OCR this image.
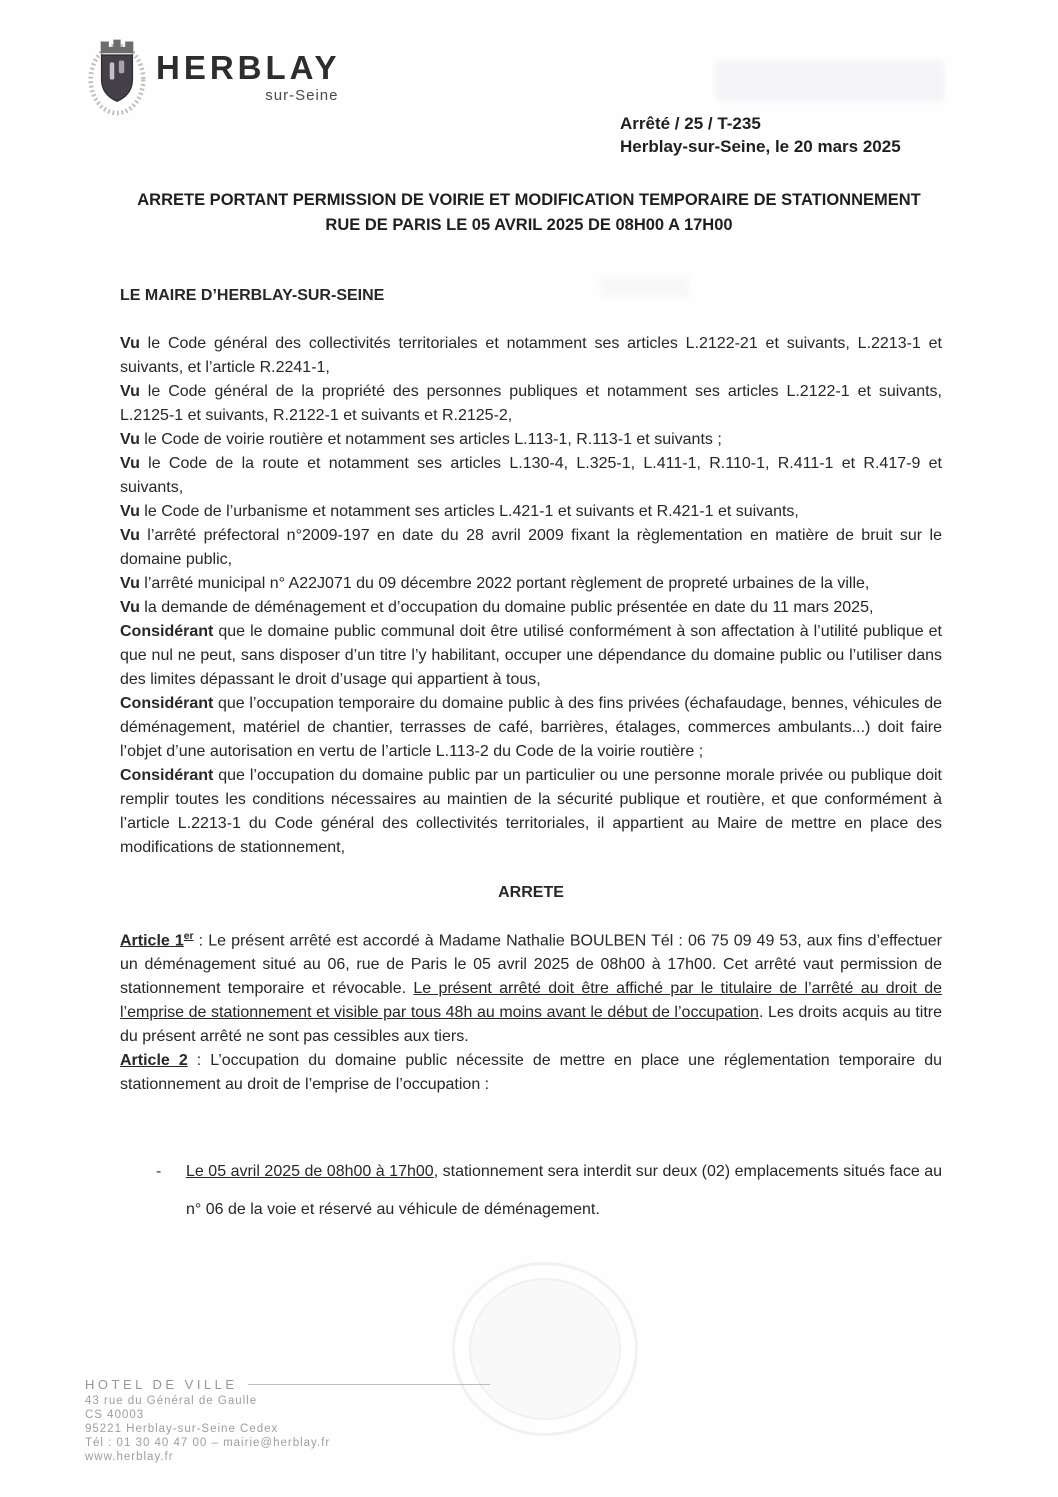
HERBLAY
sur-Seine
Arrêté / 25 / T-235
Herblay-sur-Seine, le 20 mars 2025
ARRETE PORTANT PERMISSION DE VOIRIE ET MODIFICATION TEMPORAIRE DE STATIONNEMENT
RUE DE PARIS LE 05 AVRIL 2025 DE 08H00 A 17H00

LE MAIRE D’HERBLAY-SUR-SEINE

Vu le Code général des collectivités territoriales et notamment ses articles L.2122-21 et suivants, L.2213-1 et suivants, et l’article R.2241-1,

Vu le Code général de la propriété des personnes publiques et notamment ses articles L.2122-1 et suivants, L.2125-1 et suivants, R.2122-1 et suivants et R.2125-2,

Vu le Code de voirie routière et notamment ses articles L.113-1, R.113-1 et suivants ;

Vu le Code de la route et notamment ses articles L.130-4, L.325-1, L.411-1, R.110-1, R.411-1 et R.417-9 et suivants,

Vu le Code de l’urbanisme et notamment ses articles L.421-1 et suivants et R.421-1 et suivants,

Vu l’arrêté préfectoral n°2009-197 en date du 28 avril 2009 fixant la règlementation en matière de bruit sur le domaine public,

Vu l’arrêté municipal n° A22J071 du 09 décembre 2022 portant règlement de propreté urbaines de la ville,

Vu la demande de déménagement et d’occupation du domaine public présentée en date du 11 mars 2025,

Considérant que le domaine public communal doit être utilisé conformément à son affectation à l’utilité publique et que nul ne peut, sans disposer d’un titre l’y habilitant, occuper une dépendance du domaine public ou l’utiliser dans des limites dépassant le droit d’usage qui appartient à tous,

Considérant que l’occupation temporaire du domaine public à des fins privées (échafaudage, bennes, véhicules de déménagement, matériel de chantier, terrasses de café, barrières, étalages, commerces ambulants...) doit faire l’objet d’une autorisation en vertu de l’article L.113-2 du Code de la voirie routière ;

Considérant que l’occupation du domaine public par un particulier ou une personne morale privée ou publique doit remplir toutes les conditions nécessaires au maintien de la sécurité publique et routière, et que conformément à l’article L.2213-1 du Code général des collectivités territoriales, il appartient au Maire de mettre en place des modifications de stationnement,

ARRETE

Article 1er : Le présent arrêté est accordé à Madame Nathalie BOULBEN Tél : 06 75 09 49 53, aux fins d’effectuer un déménagement situé au 06, rue de Paris le 05 avril 2025 de 08h00 à 17h00. Cet arrêté vaut permission de stationnement temporaire et révocable. Le présent arrêté doit être affiché par le titulaire de l’arrêté au droit de l’emprise de stationnement et visible par tous 48h au moins avant le début de l’occupation. Les droits acquis au titre du présent arrêté ne sont pas cessibles aux tiers.

Article 2 : L’occupation du domaine public nécessite de mettre en place une réglementation temporaire du stationnement au droit de l’emprise de l’occupation :

-	Le 05 avril 2025 de 08h00 à 17h00, stationnement sera interdit sur deux (02) emplacements situés face au n° 06 de la voie et réservé au véhicule de déménagement.
HOTEL DE VILLE
43 rue du Général de Gaulle
CS 40003
95221 Herblay-sur-Seine Cedex
Tél : 01 30 40 47 00 – mairie@herblay.fr
www.herblay.fr
